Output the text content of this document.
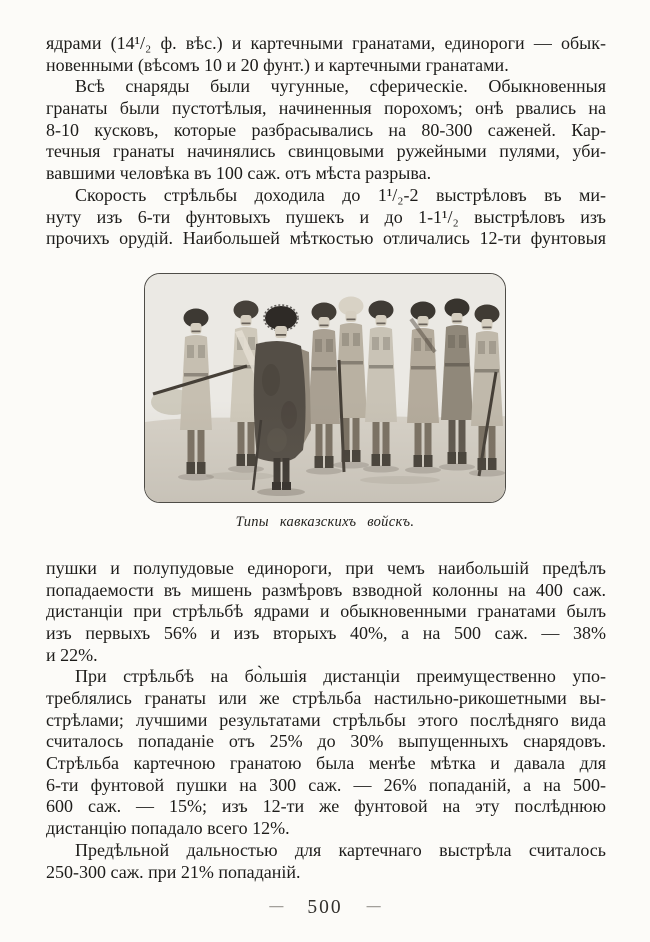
ядрами (14¹/₂ ф. вѣс.) и картечными гранатами, единороги — обык-
новенными (вѣсомъ 10 и 20 фунт.) и картечными гранатами.
Всѣ снаряды были чугунные, сферическіе. Обыкновенныя
гранаты были пустотѣлыя, начиненныя порохомъ; онѣ рвались на
8-10 кусковъ, которые разбрасывались на 80-300 саженей. Кар-
течныя гранаты начинялись свинцовыми ружейными пулями, уби-
вавшими человѣка въ 100 саж. отъ мѣста разрыва.
Скорость стрѣльбы доходила до 1¹/₂-2 выстрѣловъ въ ми-
нуту изъ 6-ти фунтовыхъ пушекъ и до 1-1¹/₂ выстрѣловъ изъ
прочихъ орудій. Наибольшей мѣткостью отличались 12-ти фунтовыя
Типы кавказскихъ войскъ.
пушки и полупудовые единороги, при чемъ наибольшій предѣлъ
попадаемости въ мишень размѣровъ взводной колонны на 400 саж.
дистанціи при стрѣльбѣ ядрами и обыкновенными гранатами былъ
изъ первыхъ 56% и изъ вторыхъ 40%, а на 500 саж. — 38%
и 22%.
При стрѣльбѣ на бо̀льшія дистанціи преимущественно упо-
треблялись гранаты или же стрѣльба настильно-рикошетными вы-
стрѣлами; лучшими результатами стрѣльбы этого послѣдняго вида
считалось попаданіе отъ 25% до 30% выпущенныхъ снарядовъ.
Стрѣльба картечною гранатою была менѣе мѣтка и давала для
6-ти фунтовой пушки на 300 саж. — 26% попаданій, а на 500-
600 саж. — 15%; изъ 12-ти же фунтовой на эту послѣднюю
дистанцію попадало всего 12%.
Предѣльной дальностью для картечнаго выстрѣла считалось
250-300 саж. при 21% попаданій.
— 500 —
